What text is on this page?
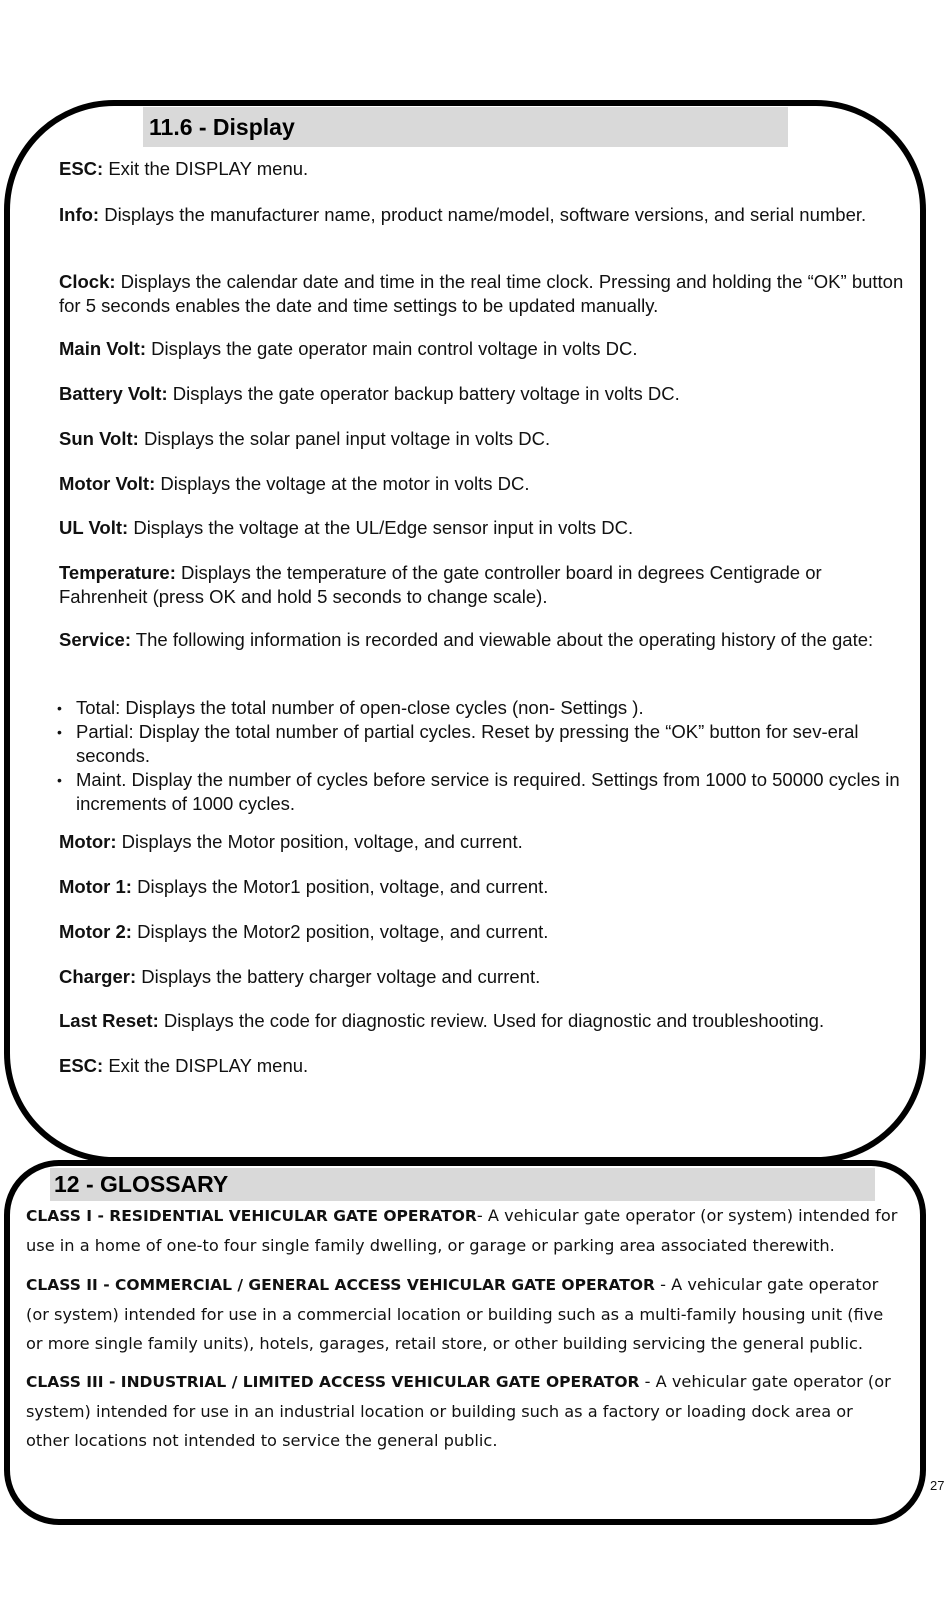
11.6 - Display

ESC: Exit the DISPLAY menu.

Info: Displays the manufacturer name, product name/model, software versions, and serial number.

Clock: Displays the calendar date and time in the real time clock. Pressing and holding the “OK” button for 5 seconds enables the date and time settings to be updated manually.

Main Volt: Displays the gate operator main control voltage in volts DC.

Battery Volt: Displays the gate operator backup battery voltage in volts DC.

Sun Volt: Displays the solar panel input voltage in volts DC.

Motor Volt: Displays the voltage at the motor in volts DC.

UL Volt: Displays the voltage at the UL/Edge sensor input in volts DC.

Temperature: Displays the temperature of the gate controller board in degrees Centigrade or Fahrenheit (press OK and hold 5 seconds to change scale).

Service: The following information is recorded and viewable about the operating history of the gate:

• Total: Displays the total number of open-close cycles (non- Settings ).
• Partial: Display the total number of partial cycles. Reset by pressing the “OK” button for sev-eral seconds.
• Maint. Display the number of cycles before service is required. Settings from 1000 to 50000 cycles in increments of 1000 cycles.

Motor: Displays the Motor position, voltage, and current.

Motor 1: Displays the Motor1 position, voltage, and current.

Motor 2: Displays the Motor2 position, voltage, and current.

Charger: Displays the battery charger voltage and current.

Last Reset: Displays the code for diagnostic review. Used for diagnostic and troubleshooting.

ESC: Exit the DISPLAY menu.

12 - GLOSSARY

CLASS I - RESIDENTIAL VEHICULAR GATE OPERATOR- A vehicular gate operator (or system) intended for use in a home of one-to four single family dwelling, or garage or parking area associated therewith.

CLASS II - COMMERCIAL / GENERAL ACCESS VEHICULAR GATE OPERATOR - A vehicular gate operator (or system) intended for use in a commercial location or building such as a multi-family housing unit (five or more single family units), hotels, garages, retail store, or other building servicing the general public.

CLASS III - INDUSTRIAL / LIMITED ACCESS VEHICULAR GATE OPERATOR - A vehicular gate operator (or system) intended for use in an industrial location or building such as a factory or loading dock area or other locations not intended to service the general public.

27
